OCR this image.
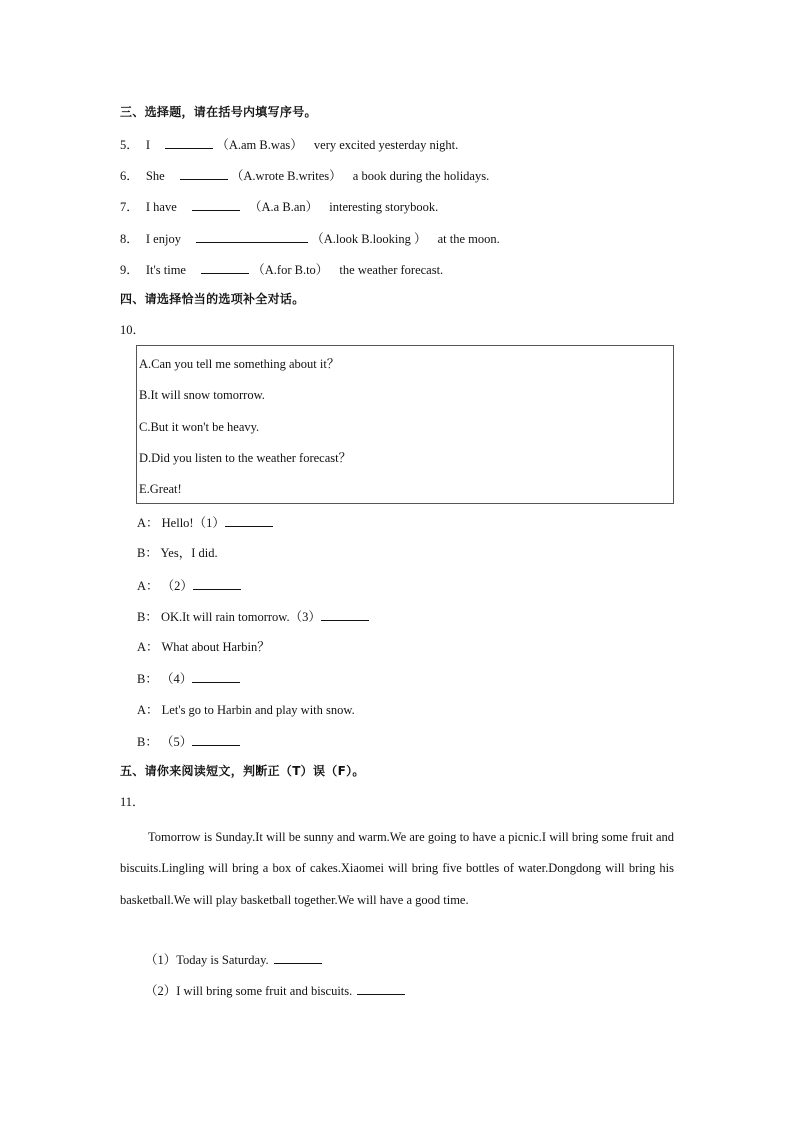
三、选择题，请在括号内填写序号。
5． I	（A.am B.was） very excited yesterday night.
6． She	（A.wrote B.writes） a book during the holidays.
7． I have	（A.a B.an） interesting storybook.
8． I enjoy	（A.look B.looking ） at the moon.
9． It's time	（A.for B.to） the weather forecast.
四、请选择恰当的选项补全对话。
10．
A.Can you tell me something about it？
B.It will snow tomorrow.
C.But it won't be heavy.
D.Did you listen to the weather forecast？
E.Great!
A： Hello!（1）
B： Yes，I did.
A： （2）
B： OK.It will rain tomorrow.（3）
A： What about Harbin？
B： （4）
A： Let's go to Harbin and play with snow.
B： （5）
五、请你来阅读短文，判断正（T）误（F）。
11．

Tomorrow is Sunday.It will be sunny and warm.We are going to have a picnic.I will bring some fruit and biscuits.Lingling will bring a box of cakes.Xiaomei will bring five bottles of water.Dongdong will bring his basketball.We will play basketball together.We will have a good time.

（1）Today is Saturday.
（2）I will bring some fruit and biscuits.
